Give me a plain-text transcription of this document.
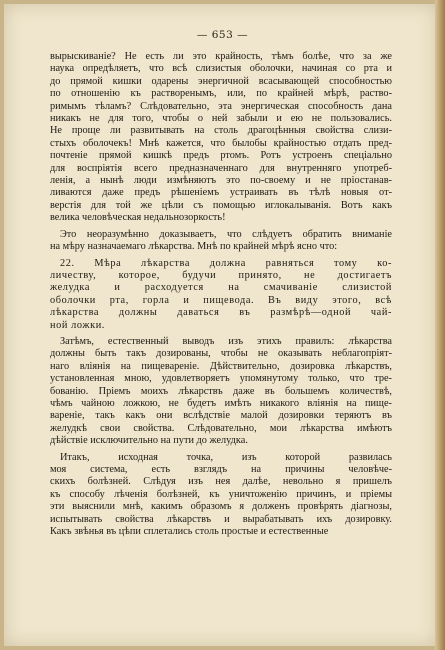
— 653 —

вырыскиваніе? Не есть ли это крайность, тѣмъ болѣе, что за же
наука опредѣляетъ, что всѣ слизистыя оболочки, начиная со рта и
до прямой кишки одарены энергичной всасывающей способностью
по отношенію къ растворенымъ, или, по крайней мѣрѣ, раство-
римымъ тѣламъ? Слѣдовательно, эта энергическая способность дана
никакъ не для того, чтобы о ней забыли и ею не пользовались.
Не проще ли развитывать на столь драгоцѣнныя свойства слизи-
стыхъ оболочекъ! Мнѣ кажется, что былобы крайностью отдать пред-
почтеніе прямой кишкѣ предъ ртомъ. Ротъ устроенъ спеціально
для воспріятія всего предназначеннаго для внутренняго употреб-
ленія, а нынѣ люди измѣняютъ это по-своему и не пріостанав-
ливаются даже предъ рѣшеніемъ устраивать въ тѣлѣ новыя от-
верстія для той же цѣли съ помощью иглокалыванія. Вотъ какъ
велика человѣческая недальнозоркость!

Это неоразумѣнно доказываетъ, что слѣдуетъ обратить вниманіе
на мѣру назначаемаго лѣкарства. Мнѣ по крайней мѣрѣ ясно что:

22. Мѣра лѣкарства должна равняться тому ко-
личеству, которое, будучи принято, не достигаетъ
желудка и расходуется на смачиваніе слизистой
оболочки рта, горла и пищевода. Въ виду этого, всѣ
лѣкарства должны даваться въ размѣрѣ—одной чай-
ной ложки.

Затѣмъ, естественный выводъ изъ этихъ правилъ: лѣкарства
должны быть такъ дозированы, чтобы не оказывать неблагопріят-
наго вліянія на пищевареніе. Дѣйствительно, дозировка лѣкарствъ,
установленная мною, удовлетворяетъ упомянутому только, что тре-
бованію. Пріемъ моихъ лѣкарствъ даже въ большемъ количествѣ,
чѣмъ чайною ложкою, не будетъ имѣть никакого вліянія на пище-
вареніе, такъ какъ они вслѣдствіе малой дозировки теряютъ въ
желудкѣ свои свойства. Слѣдовательно, мои лѣкарства имѣютъ
дѣйствіе исключительно на пути до желудка.

Итакъ, исходная точка, изъ которой развилась
моя система, есть взглядъ на причины человѣче-
скихъ болѣзней. Слѣдуя изъ нея далѣе, невольно я пришелъ
къ способу лѣченія болѣзней, къ уничтоженію причинъ, и пріемы
эти выяснили мнѣ, какимъ образомъ я долженъ провѣрять діагнозы,
испытывать свойства лѣкарствъ и вырабатывать ихъ дозировку.
Какъ звѣнья въ цѣпи сплетались столь простые и естественные
